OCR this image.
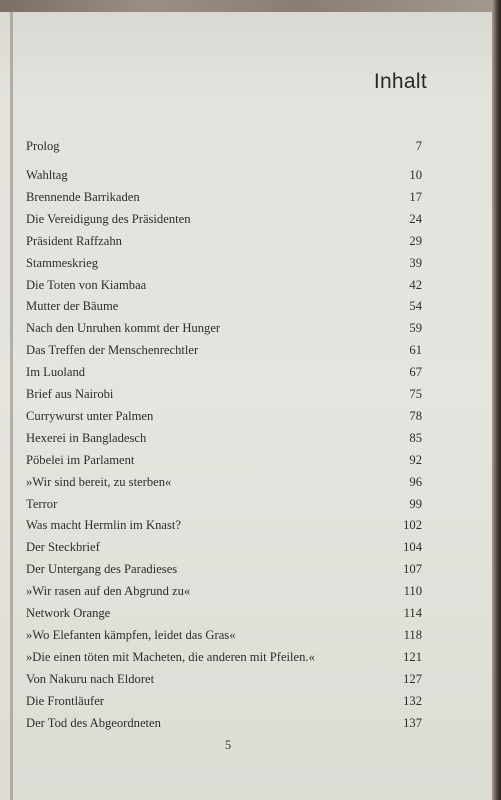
Inhalt
Prolog	7
Wahltag	10
Brennende Barrikaden	17
Die Vereidigung des Präsidenten	24
Präsident Raffzahn	29
Stammeskrieg	39
Die Toten von Kiambaa	42
Mutter der Bäume	54
Nach den Unruhen kommt der Hunger	59
Das Treffen der Menschenrechtler	61
Im Luoland	67
Brief aus Nairobi	75
Currywurst unter Palmen	78
Hexerei in Bangladesch	85
Pöbelei im Parlament	92
»Wir sind bereit, zu sterben«	96
Terror	99
Was macht Hermlin im Knast?	102
Der Steckbrief	104
Der Untergang des Paradieses	107
»Wir rasen auf den Abgrund zu«	110
Network Orange	114
»Wo Elefanten kämpfen, leidet das Gras«	118
»Die einen töten mit Macheten, die anderen mit Pfeilen.«	121
Von Nakuru nach Eldoret	127
Die Frontläufer	132
Der Tod des Abgeordneten	137
5
